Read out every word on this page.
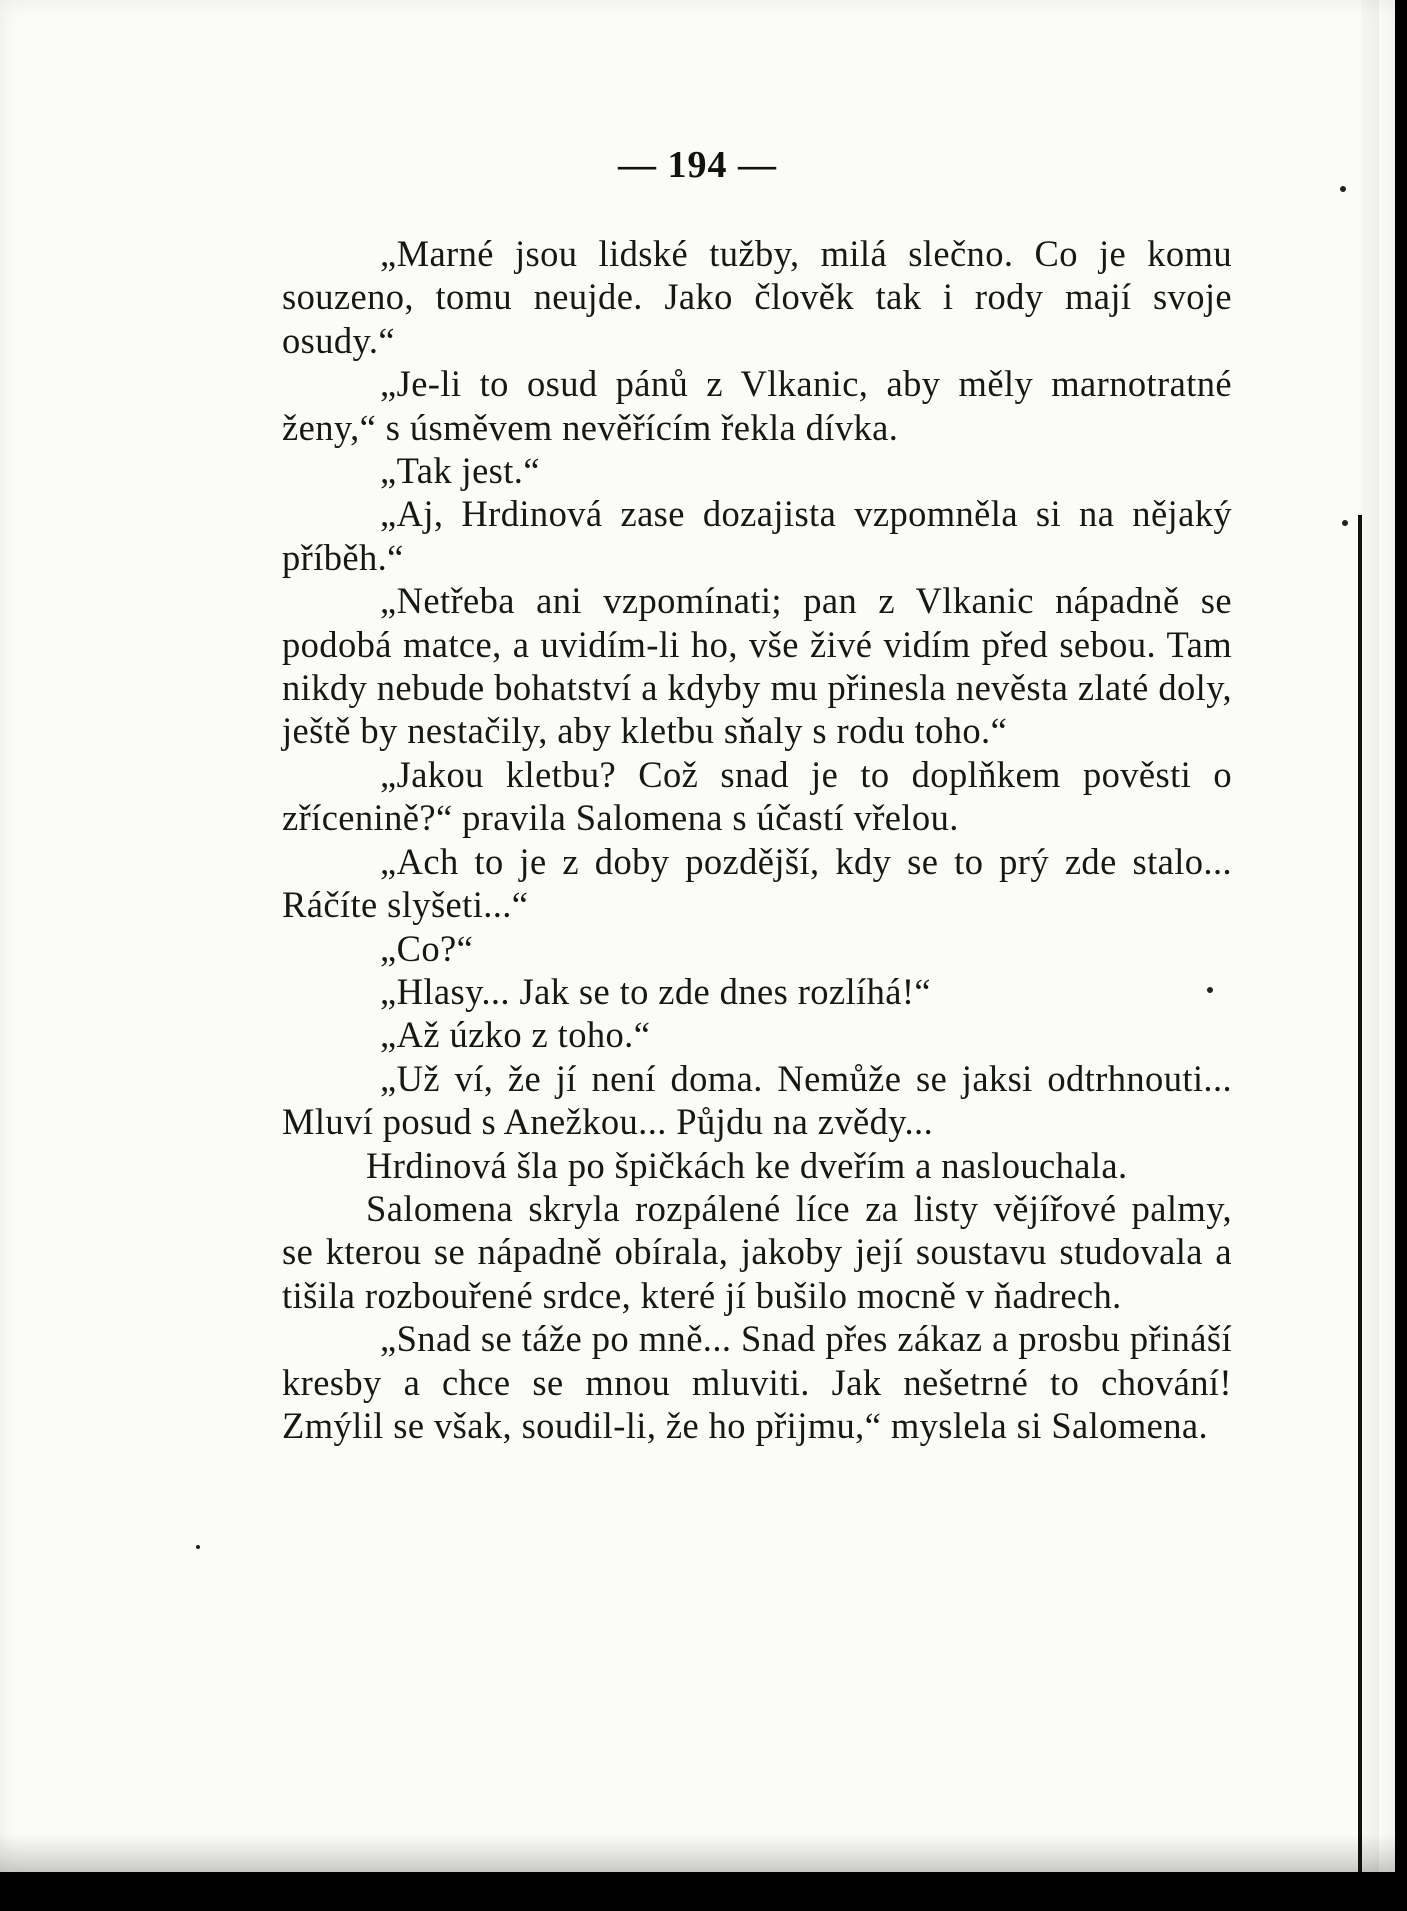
— 194 —

„Marné jsou lidské tužby, milá slečno. Co je komu souzeno, tomu neujde. Jako člověk tak i rody mají svoje osudy.“

„Je-li to osud pánů z Vlkanic, aby měly marnotratné ženy,“ s úsměvem nevěřícím řekla dívka.

„Tak jest.“

„Aj, Hrdinová zase dozajista vzpomněla si na nějaký příběh.“

„Netřeba ani vzpomínati; pan z Vlkanic nápadně se podobá matce, a uvidím-li ho, vše živé vidím před sebou. Tam nikdy nebude bohatství a kdyby mu přinesla nevěsta zlaté doly, ještě by nestačily, aby kletbu sňaly s rodu toho.“

„Jakou kletbu? Což snad je to doplňkem pověsti o zřícenině?“ pravila Salomena s účastí vřelou.

„Ach to je z doby pozdější, kdy se to prý zde stalo... Ráčíte slyšeti...“

„Co?“

„Hlasy... Jak se to zde dnes rozlíhá!“

„Až úzko z toho.“

„Už ví, že jí není doma. Nemůže se jaksi odtrhnouti... Mluví posud s Anežkou... Půjdu na zvědy...

Hrdinová šla po špičkách ke dveřím a naslouchala.

Salomena skryla rozpálené líce za listy vějířové palmy, se kterou se nápadně obírala, jakoby její soustavu studovala a tišila rozbouřené srdce, které jí bušilo mocně v ňadrech.

„Snad se táže po mně... Snad přes zákaz a prosbu přináší kresby a chce se mnou mluviti. Jak nešetrné to chování! Zmýlil se však, soudil-li, že ho přijmu,“ myslela si Salomena.
